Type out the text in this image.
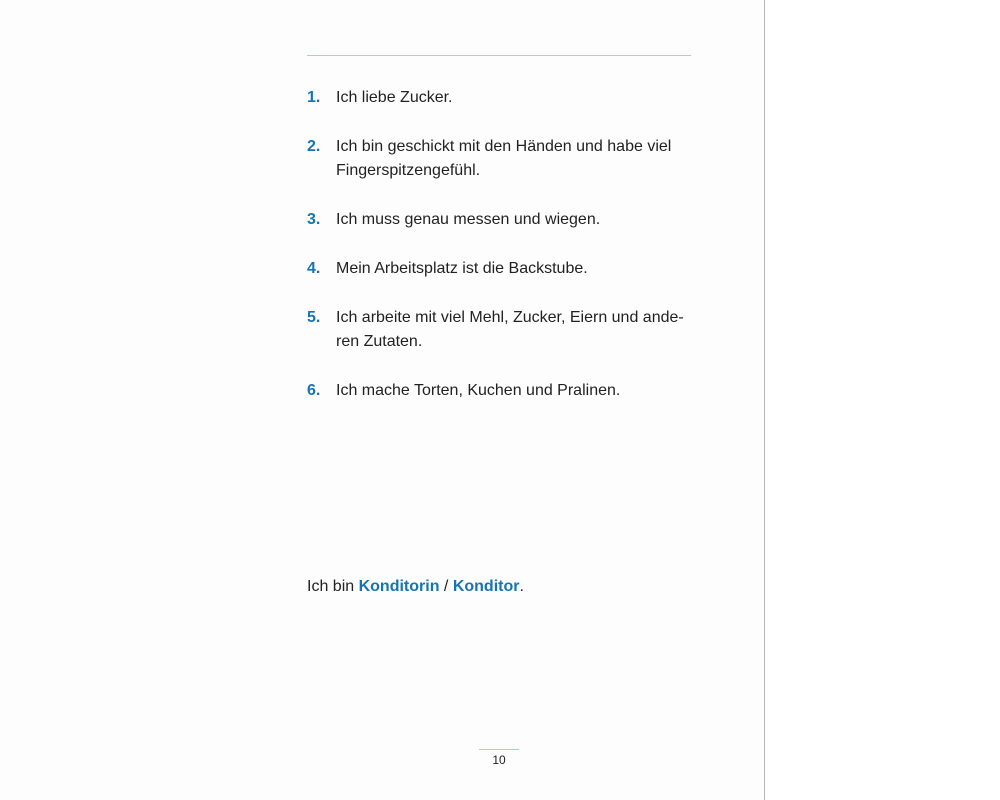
1. Ich liebe Zucker.
2. Ich bin geschickt mit den Händen und habe viel
Fingerspitzengefühl.
3. Ich muss genau messen und wiegen.
4. Mein Arbeitsplatz ist die Backstube.
5. Ich arbeite mit viel Mehl, Zucker, Eiern und ande-
ren Zutaten.
6. Ich mache Torten, Kuchen und Pralinen.

Ich bin Konditorin / Konditor.

10
